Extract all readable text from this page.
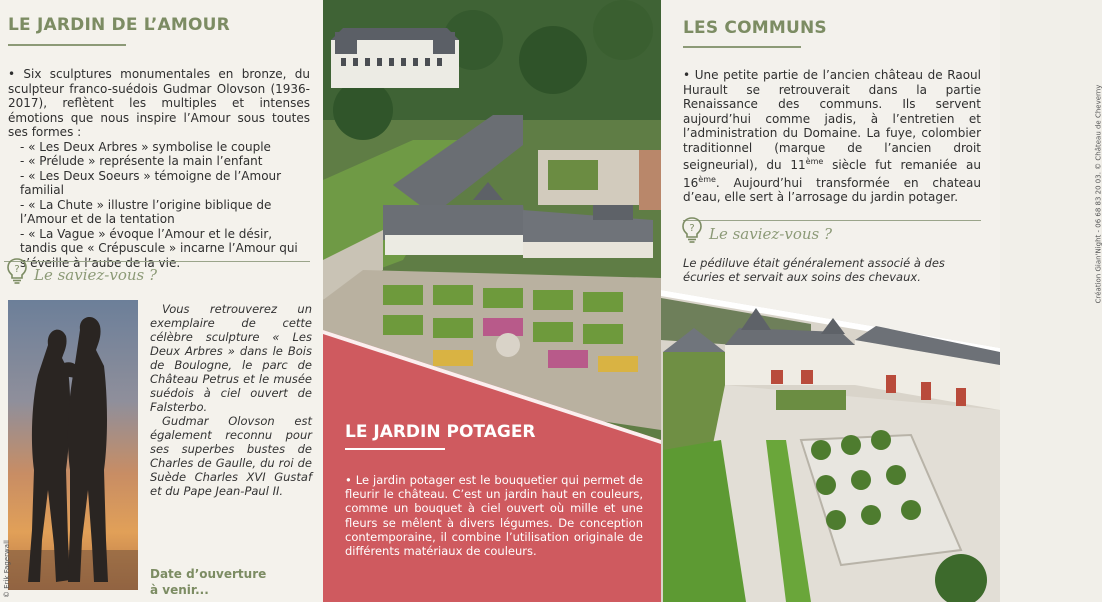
LE JARDIN DE L’AMOUR

• Six sculptures monumentales en bronze, du sculpteur franco-suédois Gudmar Olovson (1936-2017), reflètent les multiples et intenses émotions que nous inspire l’Amour sous toutes ses formes :

- « Les Deux Arbres » symbolise le couple
- « Prélude » représente la main l’enfant
- « Les Deux Soeurs » témoigne de l’Amour familial
- « La Chute » illustre l’origine biblique de l’Amour et de la tentation
- « La Vague » évoque l’Amour et le désir, tandis que « Crépuscule » incarne l’Amour qui s’éveille à l’aube de la vie.
? Le saviez-vous ?
© Erik Fagerwall

Vous retrouverez un exemplaire de cette célèbre sculpture « Les Deux Arbres » dans le Bois de Boulogne, le parc de Château Petrus et le musée suédois à ciel ouvert de Falsterbo.

Gudmar Olovson est également reconnu pour ses superbes bustes de Charles de Gaulle, du roi de Suède Charles XVI Gustaf et du Pape Jean-Paul II.

Date d’ouverture
à venir...
LE JARDIN POTAGER
• Le jardin potager est le bouquetier qui permet de fleurir le château. C’est un jardin haut en couleurs, comme un bouquet à ciel ouvert où mille et une fleurs se mêlent à divers légumes. De conception contemporaine, il combine l’utilisation originale de différents matériaux de couleurs.
LES COMMUNS
• Une petite partie de l’ancien château de Raoul Hurault se retrouverait dans la partie Renaissance des communs. Ils servent aujourd’hui comme jadis, à l’entretien et l’administration du Domaine. La fuye, colombier traditionnel (marque de l’ancien droit seigneurial), du 11ème siècle fut remaniée au 16ème. Aujourd’hui transformée en chateau d’eau, elle sert à l’arrosage du jardin potager.
? Le saviez-vous ?
Le pédiluve était généralement associé à des écuries et servait aux soins des chevaux.	Création Gian'Night - 06 68 83 20 03. © Château de Cheverny
